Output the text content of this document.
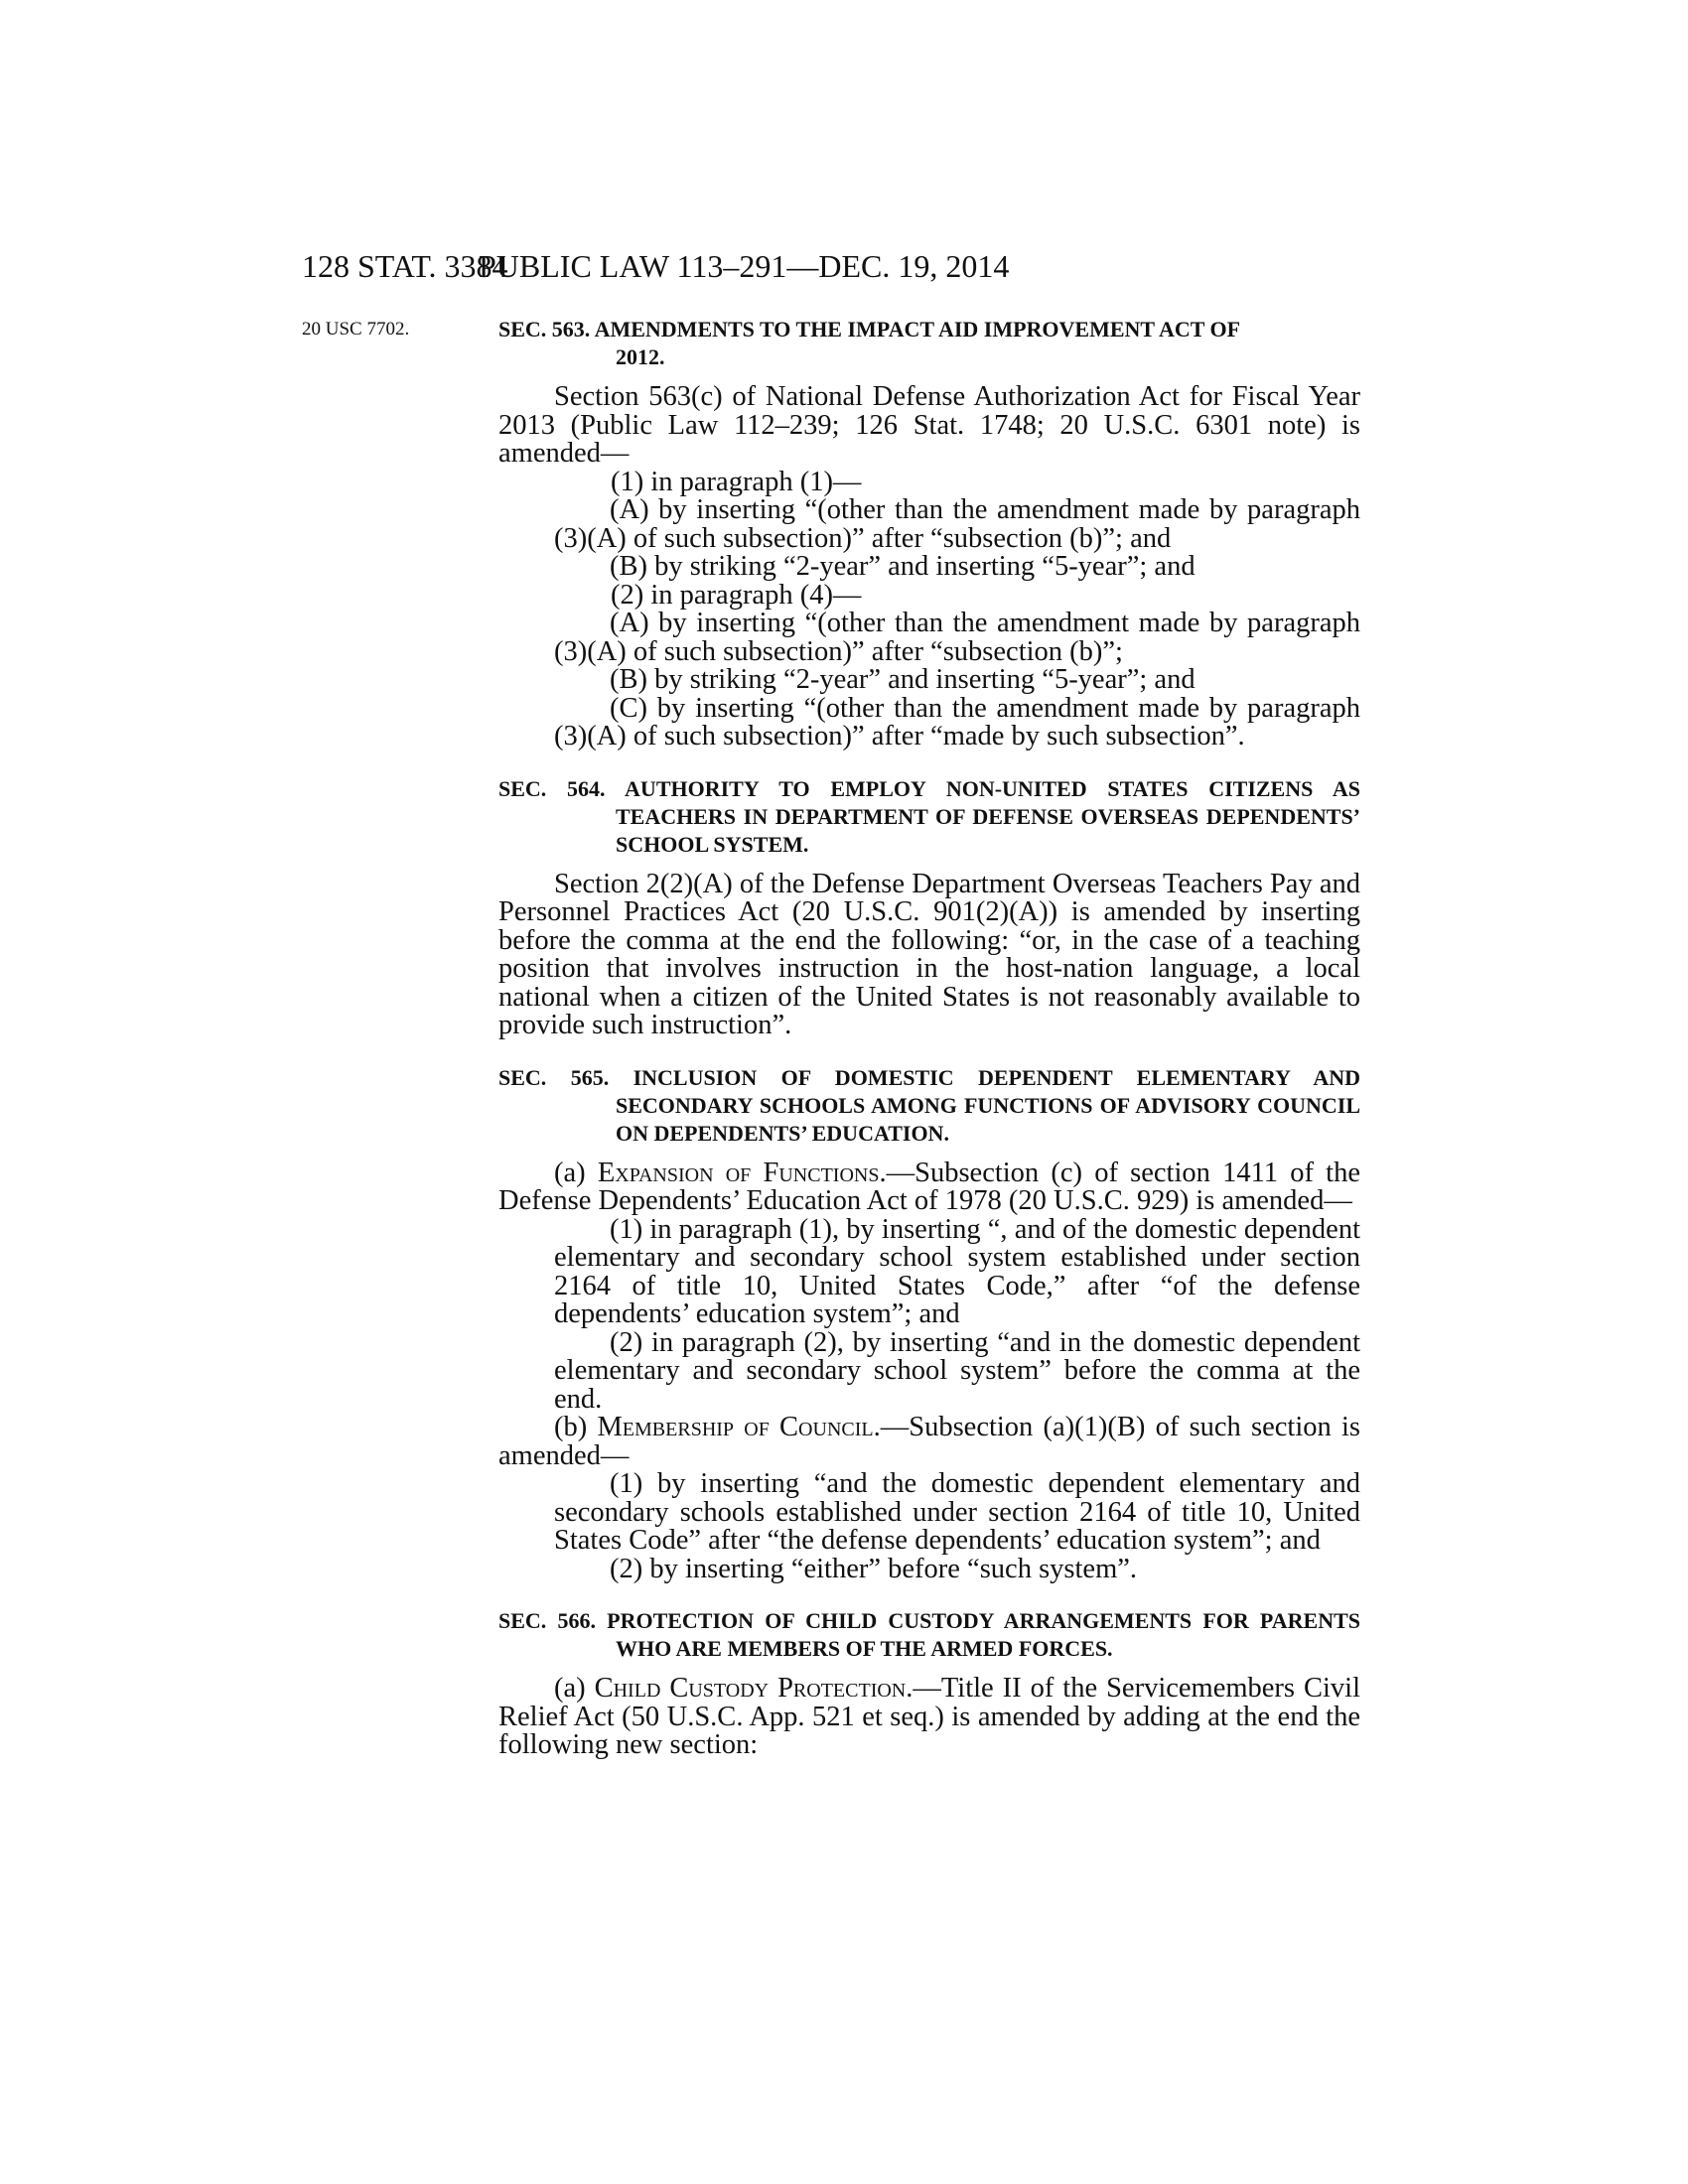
128 STAT. 3384
PUBLIC LAW 113–291—DEC. 19, 2014
20 USC 7702.	SEC. 563. AMENDMENTS TO THE IMPACT AID IMPROVEMENT ACT OF
2012.

Section 563(c) of National Defense Authorization Act for Fiscal Year 2013 (Public Law 112–239; 126 Stat. 1748; 20 U.S.C. 6301 note) is amended—

(1) in paragraph (1)—

(A) by inserting “(other than the amendment made by paragraph (3)(A) of such subsection)” after “subsection (b)”; and

(B) by striking “2-year” and inserting “5-year”; and

(2) in paragraph (4)—

(A) by inserting “(other than the amendment made by paragraph (3)(A) of such subsection)” after “subsection (b)”;

(B) by striking “2-year” and inserting “5-year”; and

(C) by inserting “(other than the amendment made by paragraph (3)(A) of such subsection)” after “made by such subsection”.

SEC. 564. AUTHORITY TO EMPLOY NON-UNITED STATES CITIZENS AS TEACHERS IN DEPARTMENT OF DEFENSE OVERSEAS DEPENDENTS’ SCHOOL SYSTEM.

Section 2(2)(A) of the Defense Department Overseas Teachers Pay and Personnel Practices Act (20 U.S.C. 901(2)(A)) is amended by inserting before the comma at the end the following: “or, in the case of a teaching position that involves instruction in the host-nation language, a local national when a citizen of the United States is not reasonably available to provide such instruction”.

SEC. 565. INCLUSION OF DOMESTIC DEPENDENT ELEMENTARY AND SECONDARY SCHOOLS AMONG FUNCTIONS OF ADVISORY COUNCIL ON DEPENDENTS’ EDUCATION.

(a) Expansion of Functions.—Subsection (c) of section 1411 of the Defense Dependents’ Education Act of 1978 (20 U.S.C. 929) is amended—

(1) in paragraph (1), by inserting “, and of the domestic dependent elementary and secondary school system established under section 2164 of title 10, United States Code,” after “of the defense dependents’ education system”; and

(2) in paragraph (2), by inserting “and in the domestic dependent elementary and secondary school system” before the comma at the end.

(b) Membership of Council.—Subsection (a)(1)(B) of such section is amended—

(1) by inserting “and the domestic dependent elementary and secondary schools established under section 2164 of title 10, United States Code” after “the defense dependents’ education system”; and

(2) by inserting “either” before “such system”.

SEC. 566. PROTECTION OF CHILD CUSTODY ARRANGEMENTS FOR PARENTS WHO ARE MEMBERS OF THE ARMED FORCES.

(a) Child Custody Protection.—Title II of the Servicemembers Civil Relief Act (50 U.S.C. App. 521 et seq.) is amended by adding at the end the following new section:
